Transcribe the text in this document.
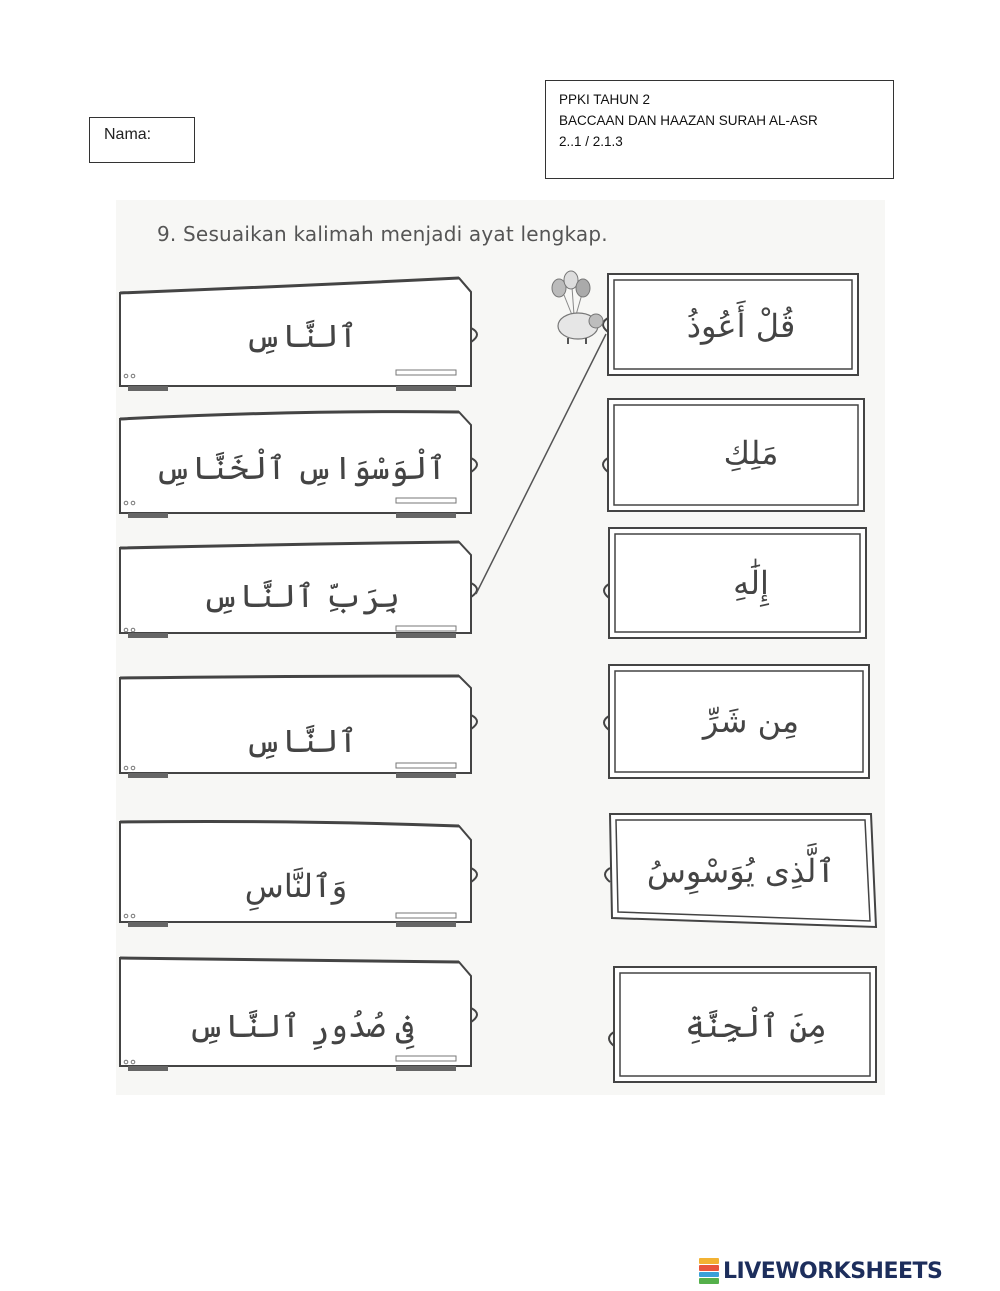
Nama:
PPKI TAHUN 2
BACCAAN DAN HAAZAN SURAH AL-ASR
2..1 / 2.1.3
9. Sesuaikan kalimah menjadi ayat lengkap.
ٱلنَّاسِ
ٱلْوَسْوَاسِ ٱلْخَنَّاسِ
بِرَبِّ ٱلنَّاسِ
ٱلنَّاسِ
وَٱلنَّاسِ
فِى صُدُورِ ٱلنَّاسِ
قُلْ أَعُوذُ
مَلِكِ
إِلَٰهِ
مِن شَرِّ
ٱلَّذِى يُوَسْوِسُ
مِنَ ٱلْجِنَّةِ
LIVEWORKSHEETS
